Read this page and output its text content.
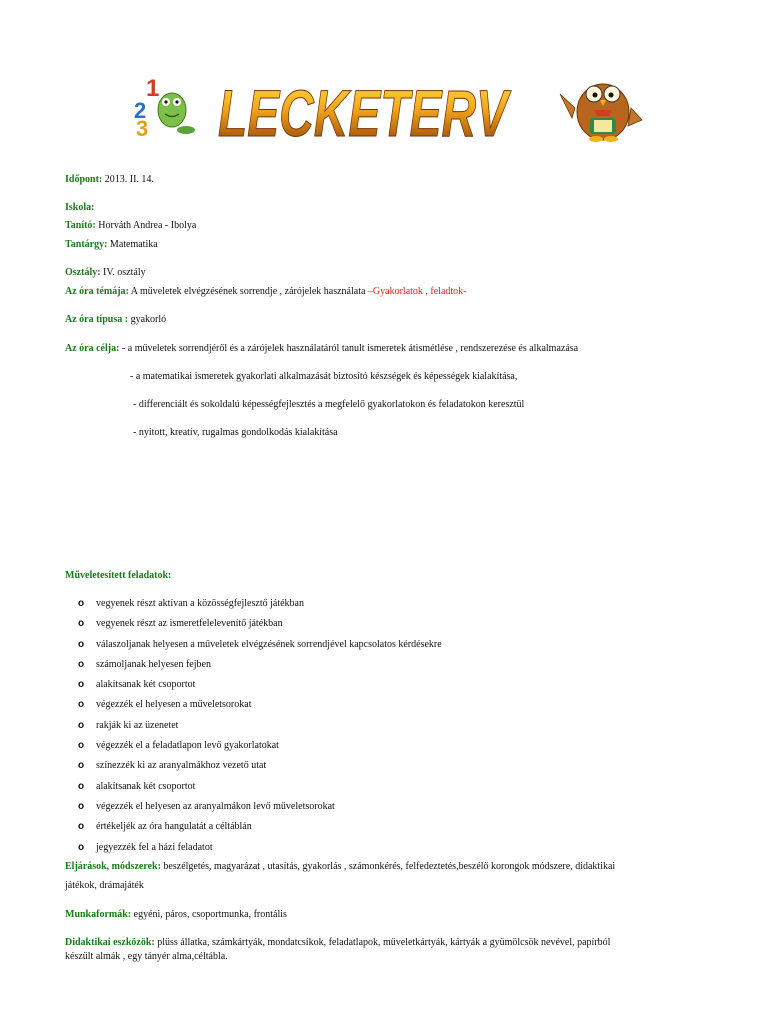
1
2
3 LECKETERV
Időpont: 2013. II. 14.
Iskola:
Tanító: Horváth Andrea - Ibolya
Tantárgy: Matematika
Osztály: IV. osztály
Az óra témája: A műveletek elvégzésének sorrendje , zárójelek használata –Gyakorlatok , feladtok-
Az óra típusa : gyakorló
Az óra célja: - a műveletek sorrendjéről és a zárójelek használatáról tanult ismeretek átismétlése , rendszerezése és alkalmazása
- a matematikai ismeretek gyakorlati alkalmazását biztosító készségek és képességek kialakítása,
- differenciált és sokoldalú képességfejlesztés a megfelelő gyakorlatokon és feladatokon keresztül
- nyitott, kreatív, rugalmas gondolkodás kialakítása
Műveletesített feladatok:
o vegyenek részt aktívan a közösségfejlesztő játékban
o vegyenek részt az ismeretfelelevenítő játékban
o válaszoljanak helyesen a műveletek elvégzésének sorrendjével kapcsolatos kérdésekre
o számoljanak helyesen fejben
o alakítsanak két csoportot
o végezzék el helyesen a műveletsorokat
o rakják ki az üzenetet
o végezzék el a feladatlapon levő gyakorlatokat
o színezzék ki az aranyalmákhoz vezető utat
o alakítsanak két csoportot
o végezzék el helyesen az aranyalmákon levő műveletsorokat
o értékeljék az óra hangulatát a céltáblán
o jegyezzék fel a házi feladatot
Eljárások, módszerek: beszélgetés, magyarázat , utasítás, gyakorlás , számonkérés, felfedeztetés,beszélő korongok módszere, didaktikai
játékok, drámajáték
Munkaformák: egyéni, páros, csoportmunka, frontális
Didaktikai eszközök: plüss állatka, számkártyák, mondatcsíkok, feladatlapok, műveletkártyák, kártyák a gyümölcsök nevével, papírból
készült almák , egy tányér alma,céltábla.
